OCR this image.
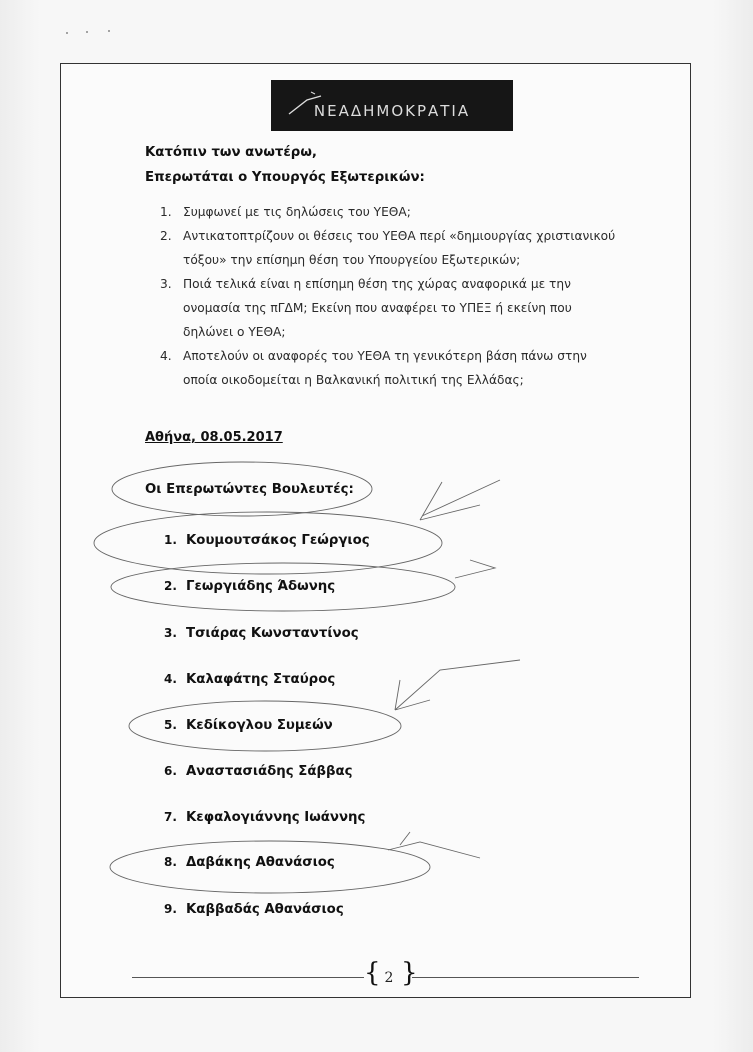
ΝΕΑΔΗΜΟΚΡΑΤΙΑ
Κατόπιν των ανωτέρω,
Επερωτάται ο Υπουργός Εξωτερικών:
1. Συμφωνεί με τις δηλώσεις του ΥΕΘΑ;
2. Αντικατοπτρίζουν οι θέσεις του ΥΕΘΑ περί «δημιουργίας χριστιανικού
τόξου» την επίσημη θέση του Υπουργείου Εξωτερικών;
3. Ποιά τελικά είναι η επίσημη θέση της χώρας αναφορικά με την
ονομασία της πΓΔΜ; Εκείνη που αναφέρει το ΥΠΕΞ ή εκείνη που
δηλώνει ο ΥΕΘΑ;
4. Αποτελούν οι αναφορές του ΥΕΘΑ τη γενικότερη βάση πάνω στην
οποία οικοδομείται η Βαλκανική πολιτική της Ελλάδας;
Αθήνα, 08.05.2017
Οι Επερωτώντες Βουλευτές:
1. Κουμουτσάκος Γεώργιος
2. Γεωργιάδης Άδωνης
3. Τσιάρας Κωνσταντίνος
4. Καλαφάτης Σταύρος
5. Κεδίκογλου Συμεών
6. Αναστασιάδης Σάββας
7. Κεφαλογιάννης Ιωάννης
8. Δαβάκης Αθανάσιος
9. Καββαδάς Αθανάσιος
{ }
2
